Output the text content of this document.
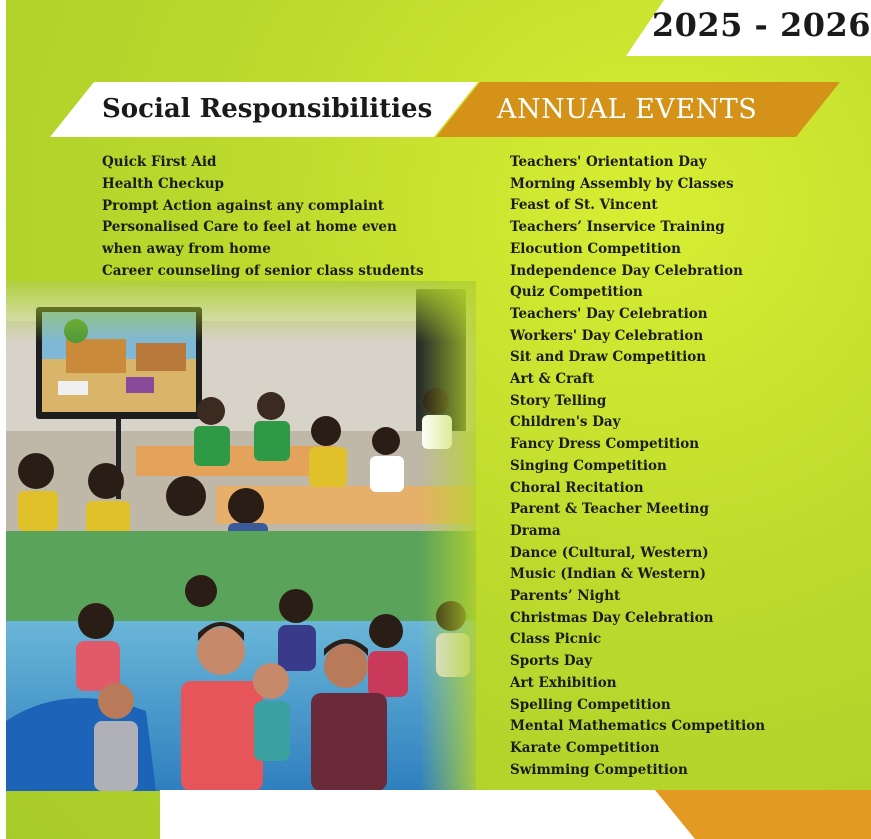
2025 - 2026
Social Responsibilities ANNUAL EVENTS
Quick First Aid
Health Checkup
Prompt Action against any complaint
Personalised Care to feel at home even
when away from home
Career counseling of senior class students
Teachers' Orientation Day
Morning Assembly by Classes
Feast of St. Vincent
Teachers’ Inservice Training
Elocution Competition
Independence Day Celebration
Quiz Competition
Teachers' Day Celebration
Workers' Day Celebration
Sit and Draw Competition
Art & Craft
Story Telling
Children's Day
Fancy Dress Competition
Singing Competition
Choral Recitation
Parent & Teacher Meeting
Drama
Dance (Cultural, Western)
Music (Indian & Western)
Parents’ Night
Christmas Day Celebration
Class Picnic
Sports Day
Art Exhibition
Spelling Competition
Mental Mathematics Competition
Karate Competition
Swimming Competition
